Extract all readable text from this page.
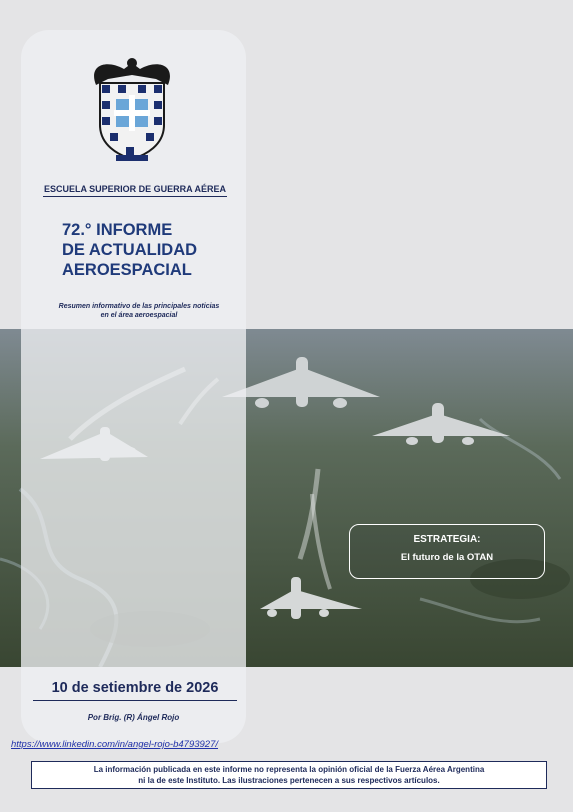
ESCUELA SUPERIOR DE GUERRA AÉREA
72.° INFORME
DE ACTUALIDAD
AEROESPACIAL
Resumen informativo de las principales noticias
en el área aeroespacial
ESTRATEGIA:
El futuro de la OTAN
10 de setiembre de 2026
Por Brig. (R) Ángel Rojo
https://www.linkedin.com/in/angel-rojo-b4793927/
La información publicada en este informe no representa la opinión oficial de la Fuerza Aérea Argentina
ni la de este Instituto. Las ilustraciones pertenecen a sus respectivos artículos.
